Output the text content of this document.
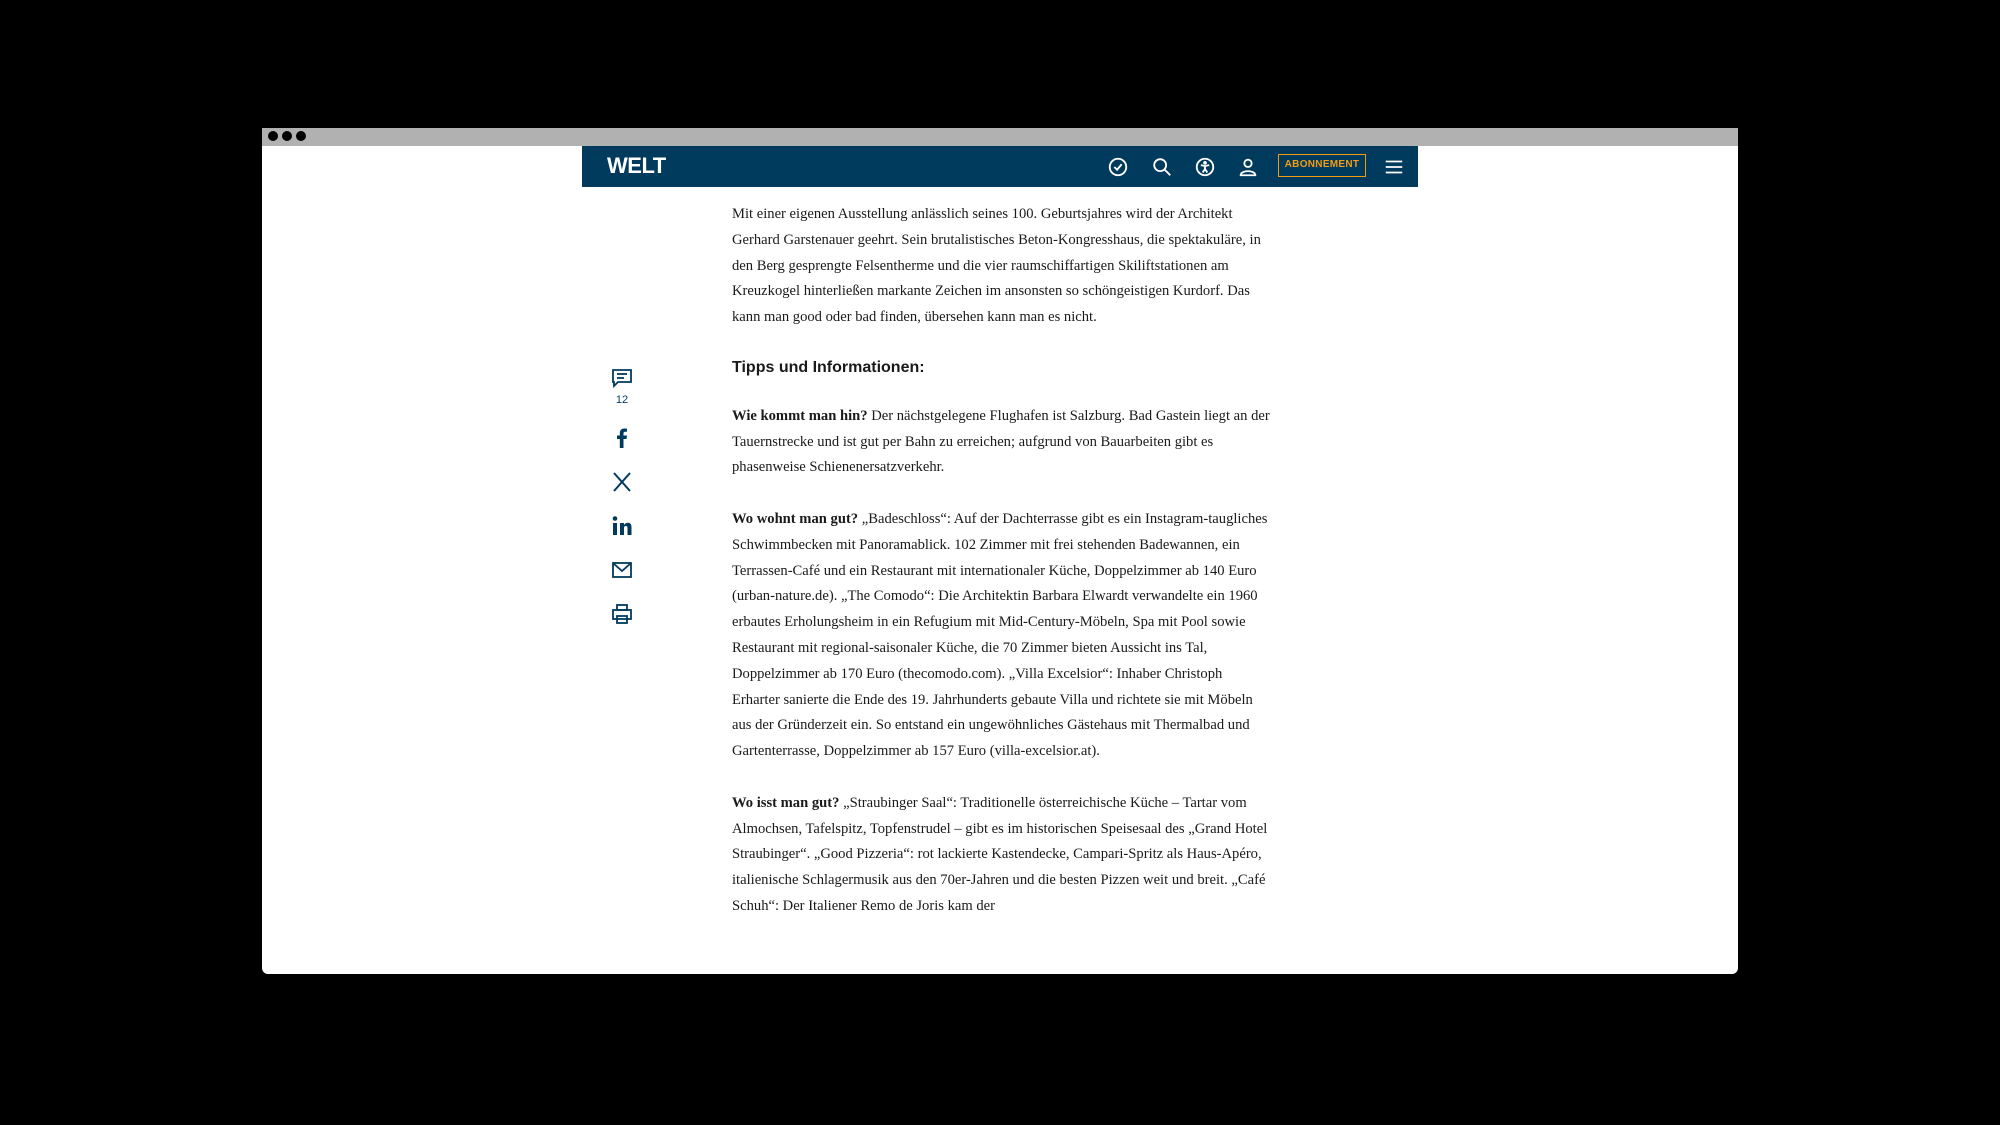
WELT	ABONNEMENT
12

Mit einer eigenen Ausstellung anlässlich seines 100. Geburtsjahres wird der Architekt Gerhard Garstenauer geehrt. Sein brutalistisches Beton-Kongresshaus, die spektakuläre, in den Berg gesprengte Felsentherme und die vier raumschiffartigen Skiliftstationen am Kreuzkogel hinterließen markante Zeichen im ansonsten so schöngeistigen Kurdorf. Das kann man good oder bad finden, übersehen kann man es nicht.

Tipps und Informationen:

Wie kommt man hin? Der nächstgelegene Flughafen ist Salzburg. Bad Gastein liegt an der Tauernstrecke und ist gut per Bahn zu erreichen; aufgrund von Bauarbeiten gibt es phasenweise Schienenersatzverkehr.

Wo wohnt man gut? „Badeschloss“: Auf der Dachterrasse gibt es ein Instagram-taugliches Schwimmbecken mit Panoramablick. 102 Zimmer mit frei stehenden Badewannen, ein Terrassen-Café und ein Restaurant mit internationaler Küche, Doppelzimmer ab 140 Euro (urban-nature.de). „The Comodo“: Die Architektin Barbara Elwardt verwandelte ein 1960 erbautes Erholungsheim in ein Refugium mit Mid-Century-Möbeln, Spa mit Pool sowie Restaurant mit regional-saisonaler Küche, die 70 Zimmer bieten Aussicht ins Tal, Doppelzimmer ab 170 Euro (thecomodo.com). „Villa Excelsior“: Inhaber Christoph Erharter sanierte die Ende des 19. Jahrhunderts gebaute Villa und richtete sie mit Möbeln aus der Gründerzeit ein. So entstand ein ungewöhnliches Gästehaus mit Thermalbad und Gartenterrasse, Doppelzimmer ab 157 Euro (villa-excelsior.at).

Wo isst man gut? „Straubinger Saal“: Traditionelle österreichische Küche – Tartar vom Almochsen, Tafelspitz, Topfenstrudel – gibt es im historischen Speisesaal des „Grand Hotel Straubinger“. „Good Pizzeria“: rot lackierte Kastendecke, Campari-Spritz als Haus-Apéro, italienische Schlagermusik aus den 70er-Jahren und die besten Pizzen weit und breit. „Café Schuh“: Der Italiener Remo de Joris kam der
